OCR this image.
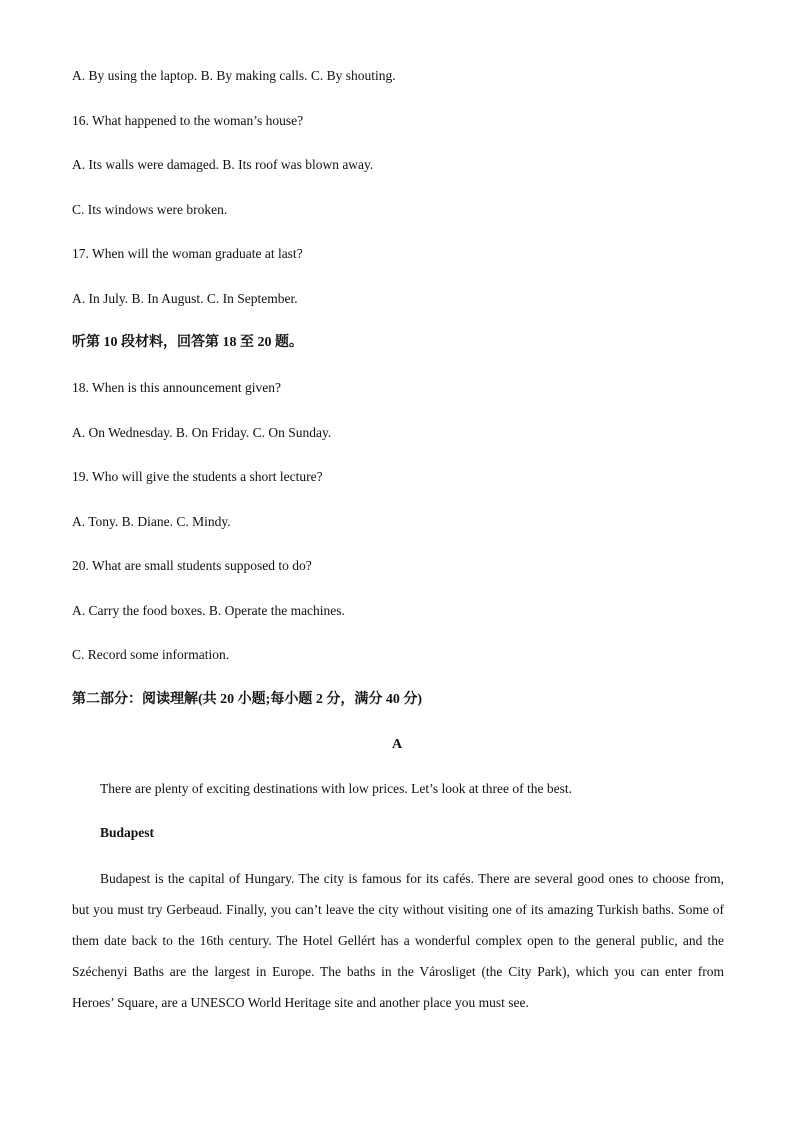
A. By using the laptop. B. By making calls. C. By shouting.

16. What happened to the woman’s house?

A. Its walls were damaged. B. Its roof was blown away.

C. Its windows were broken.

17. When will the woman graduate at last?

A. In July. B. In August. C. In September.

听第 10 段材料，回答第 18 至 20 题。

18. When is this announcement given?

A. On Wednesday. B. On Friday. C. On Sunday.

19. Who will give the students a short lecture?

A. Tony. B. Diane. C. Mindy.

20. What are small students supposed to do?

A. Carry the food boxes. B. Operate the machines.

C. Record some information.

第二部分：阅读理解(共 20 小题;每小题 2 分，满分 40 分)

A

There are plenty of exciting destinations with low prices. Let’s look at three of the best.

Budapest

Budapest is the capital of Hungary. The city is famous for its cafés. There are several good ones to choose from, but you must try Gerbeaud. Finally, you can’t leave the city without visiting one of its amazing Turkish baths. Some of them date back to the 16th century. The Hotel Gellért has a wonderful complex open to the general public, and the Széchenyi Baths are the largest in Europe. The baths in the Városliget (the City Park), which you can enter from Heroes’ Square, are a UNESCO World Heritage site and another place you must see.
